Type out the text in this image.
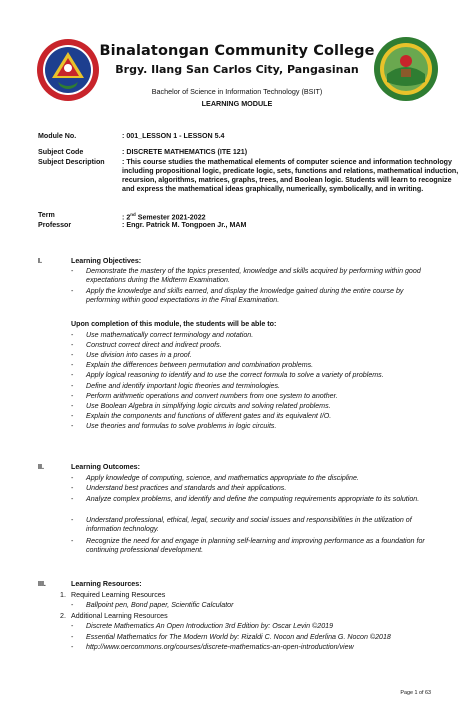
Binalatongan Community College
Brgy. Ilang San Carlos City, Pangasinan
Bachelor of Science in Information Technology (BSIT)
LEARNING MODULE
Module No.	: 001_LESSON 1 - LESSON 5.4
Subject Code	: DISCRETE MATHEMATICS (ITE 121)
Subject Description : This course studies the mathematical elements of computer science and information technology including propositional logic, predicate logic, sets, functions and relations, mathematical induction, recursion, algorithms, matrices, graphs, trees, and Boolean logic. Students will learn to recognize and express the mathematical ideas graphically, numerically, symbolically, and in writing.
Term	: 2nd Semester 2021-2022
Professor	: Engr. Patrick M. Tongpoen Jr., MAM
I.	Learning Objectives:
- Demonstrate the mastery of the topics presented, knowledge and skills acquired by performing within good expectations during the Midterm Examination.
- Apply the knowledge and skills earned, and display the knowledge gained during the entire course by performing within good expectations in the Final Examination.
Upon completion of this module, the students will be able to:
- Use mathematically correct terminology and notation.
- Construct correct direct and indirect proofs.
- Use division into cases in a proof.
- Explain the differences between permutation and combination problems.
- Apply logical reasoning to identify and to use the correct formula to solve a variety of problems.
- Define and identify important logic theories and terminologies.
- Perform arithmetic operations and convert numbers from one system to another.
- Use Boolean Algebra in simplifying logic circuits and solving related problems.
- Explain the components and functions of different gates and its equivalent I/O.
- Use theories and formulas to solve problems in logic circuits.
II.	Learning Outcomes:
- Apply knowledge of computing, science, and mathematics appropriate to the discipline.
- Understand best practices and standards and their applications.
- Analyze complex problems, and identify and define the computing requirements appropriate to its solution.
- Understand professional, ethical, legal, security and social issues and responsibilities in the utilization of information technology.
- Recognize the need for and engage in planning self-learning and improving performance as a foundation for continuing professional development.
III.	Learning Resources:
1. Required Learning Resources
- Ballpoint pen, Bond paper, Scientific Calculator
2. Additional Learning Resources
- Discrete Mathematics An Open Introduction 3rd Edition by: Oscar Levin ©2019
- Essential Mathematics for The Modern World by: Rizaldi C. Nocon and Ederlina G. Nocon ©2018
- http://www.oercommons.org/courses/discrete-mathematics-an-open-introduction/view
Page 1 of 63
